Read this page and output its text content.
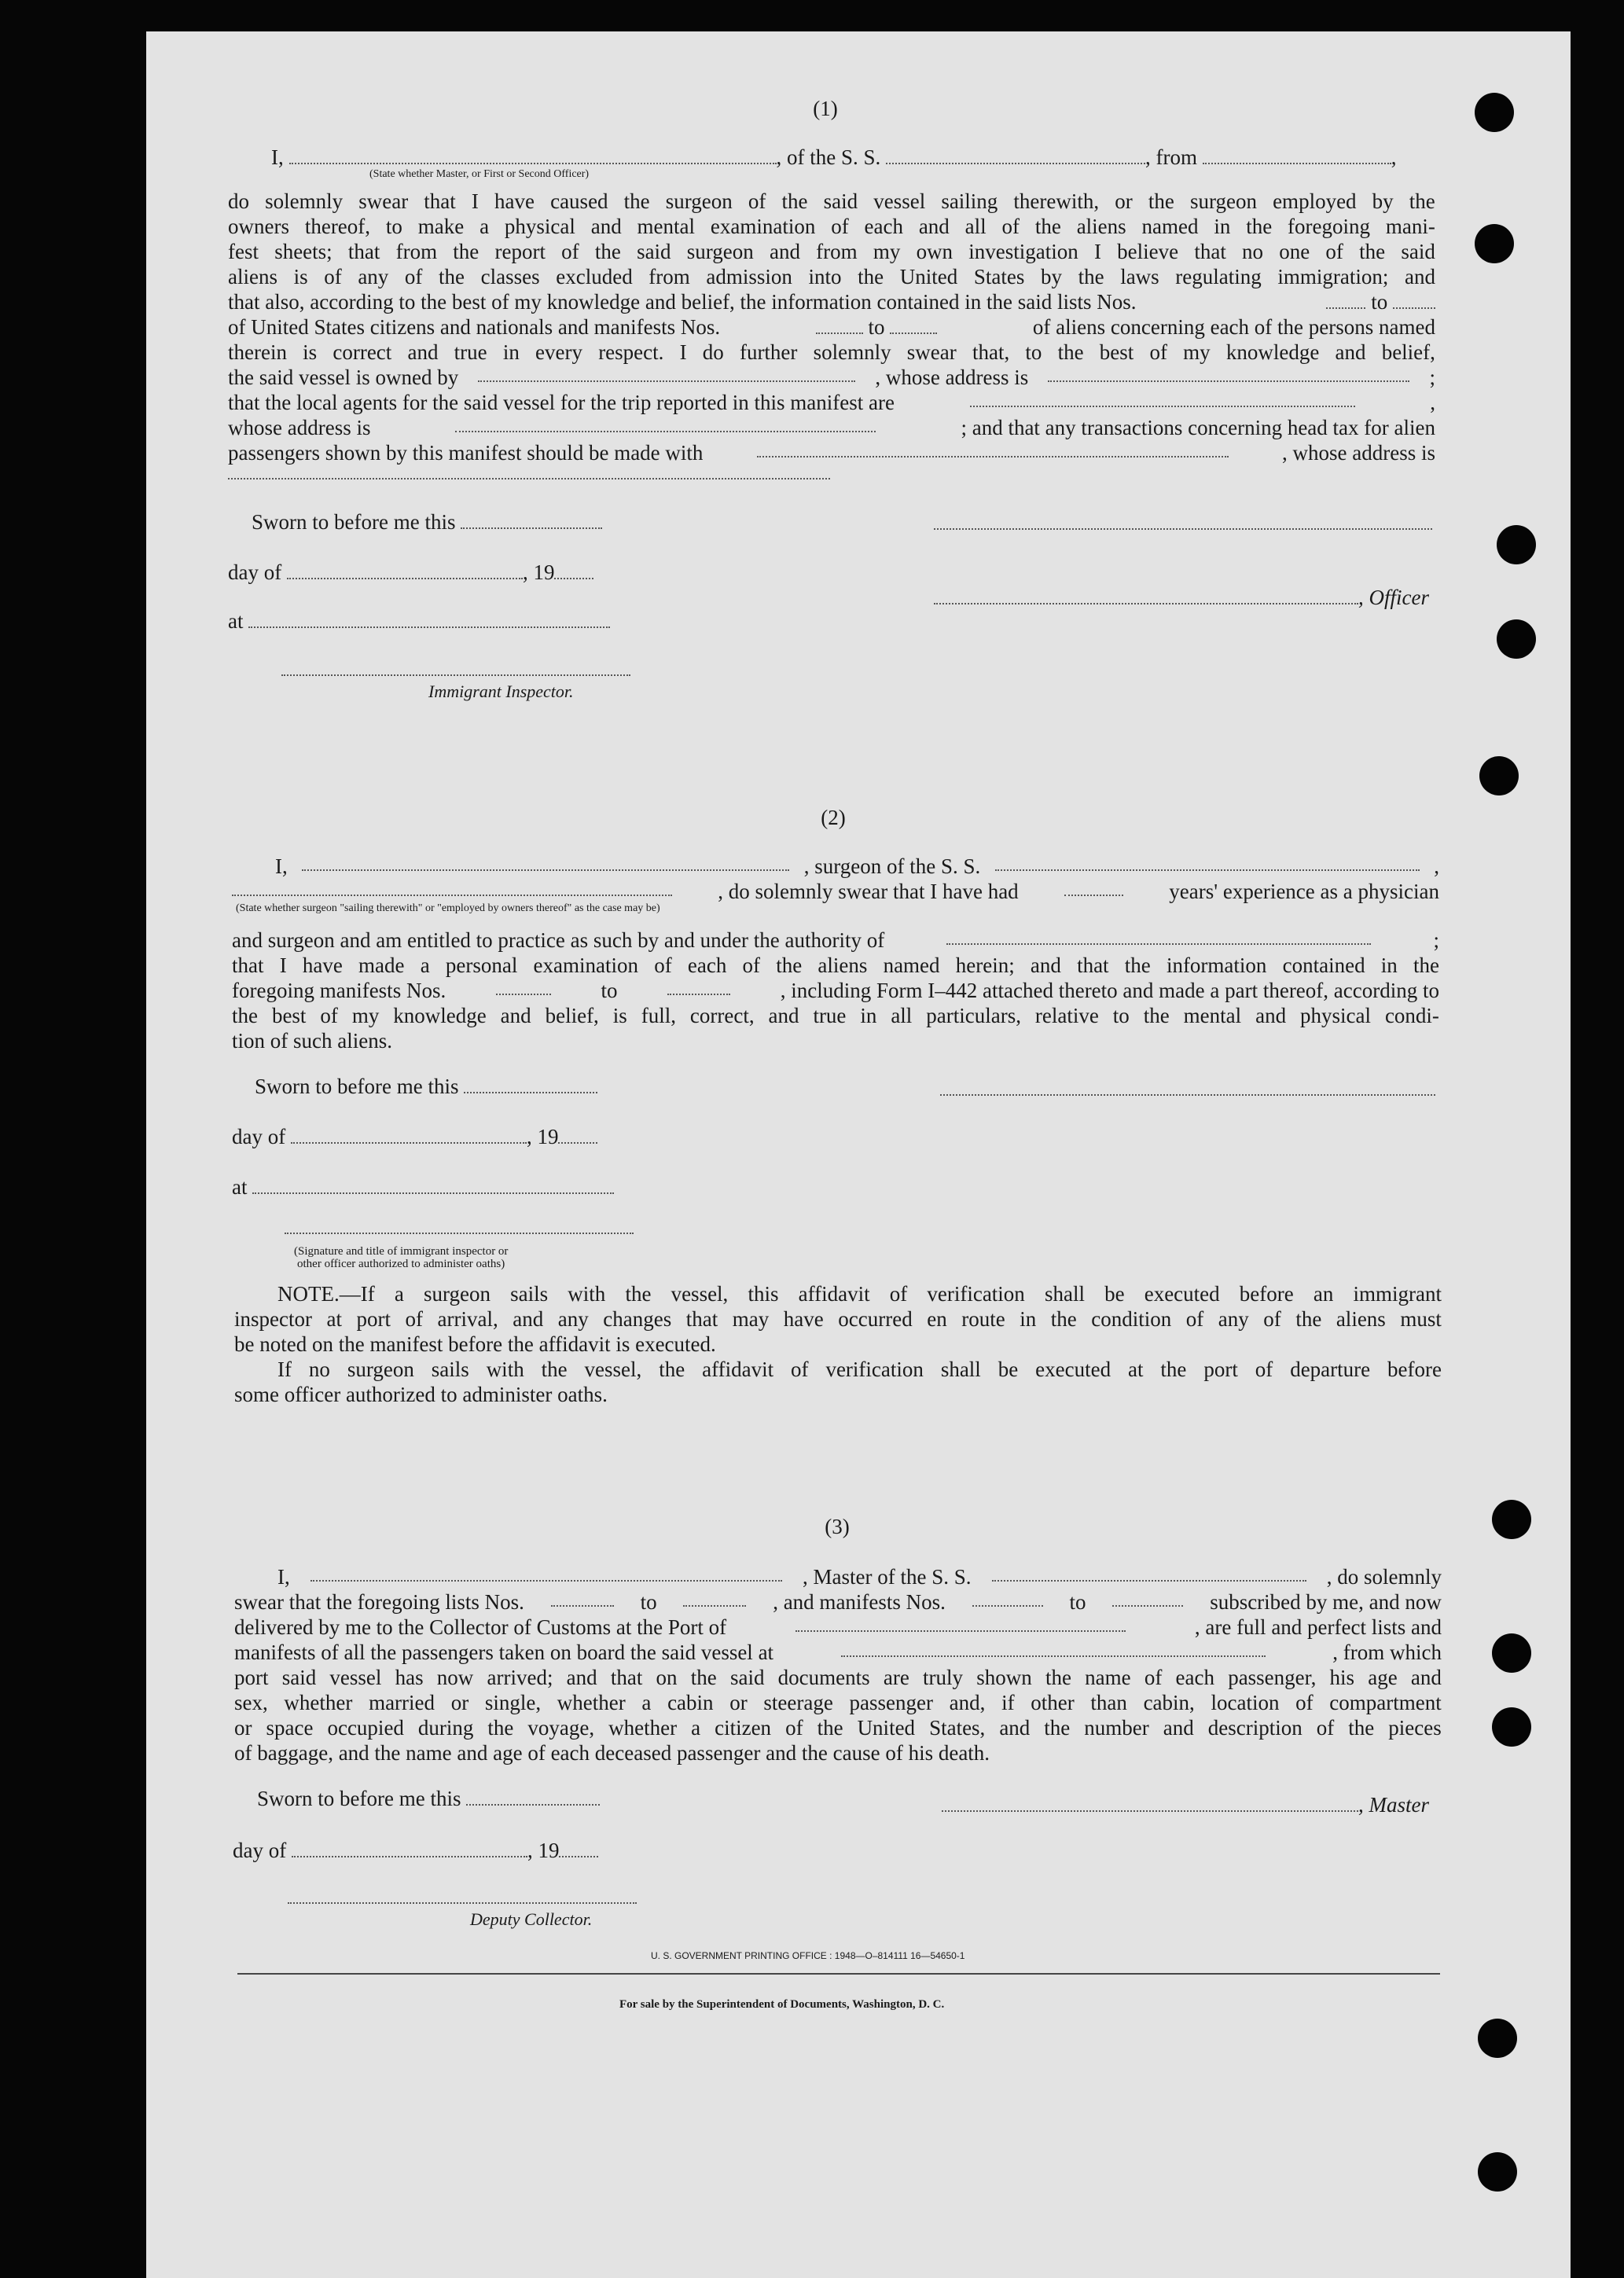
(1)
I,	, of the S. S.	, from	,
(State whether Master, or First or Second Officer)
do solemnly swear that I have caused the surgeon of the said vessel sailing therewith, or the surgeon employed by the
owners thereof, to make a physical and mental examination of each and all of the aliens named in the foregoing mani-
fest sheets; that from the report of the said surgeon and from my own investigation I believe that no one of the said
aliens is of any of the classes excluded from admission into the United States by the laws regulating immigration; and
that also, according to the best of my knowledge and belief, the information contained in the said lists Nos.	to
of United States citizens and nationals and manifests Nos.	to	of aliens concerning each of the persons named
therein is correct and true in every respect. I do further solemnly swear that, to the best of my knowledge and belief,
the said vessel is owned by	, whose address is	;
that the local agents for the said vessel for the trip reported in this manifest are	,
whose address is	; and that any transactions concerning head tax for alien
passengers shown by this manifest should be made with	, whose address is
Sworn to before me this
day of	, 19
, Officer
at
Immigrant Inspector.
(2)
I,	, surgeon of the S. S.	,
, do solemnly swear that I have had	years' experience as a physician
(State whether surgeon "sailing therewith" or "employed by owners thereof" as the case may be)
and surgeon and am entitled to practice as such by and under the authority of	;
that I have made a personal examination of each of the aliens named herein; and that the information contained in the
foregoing manifests Nos.	to	, including Form I–442 attached thereto and made a part thereof, according to
the best of my knowledge and belief, is full, correct, and true in all particulars, relative to the mental and physical condi-
tion of such aliens.
Sworn to before me this
day of	, 19
at
(Signature and title of immigrant inspector or
other officer authorized to administer oaths)
NOTE.—If a surgeon sails with the vessel, this affidavit of verification shall be executed before an immigrant
inspector at port of arrival, and any changes that may have occurred en route in the condition of any of the aliens must
be noted on the manifest before the affidavit is executed.
If no surgeon sails with the vessel, the affidavit of verification shall be executed at the port of departure before
some officer authorized to administer oaths.
(3)
I,	, Master of the S. S.	, do solemnly
swear that the foregoing lists Nos.	to	, and manifests Nos.	to	subscribed by me, and now
delivered by me to the Collector of Customs at the Port of	, are full and perfect lists and
manifests of all the passengers taken on board the said vessel at	, from which
port said vessel has now arrived; and that on the said documents are truly shown the name of each passenger, his age and
sex, whether married or single, whether a cabin or steerage passenger and, if other than cabin, location of compartment
or space occupied during the voyage, whether a citizen of the United States, and the number and description of the pieces
of baggage, and the name and age of each deceased passenger and the cause of his death.
Sworn to before me this	, Master
day of	, 19
Deputy Collector.
U. S. GOVERNMENT PRINTING OFFICE : 1948—O–814111 16—54650-1
For sale by the Superintendent of Documents, Washington, D. C.
